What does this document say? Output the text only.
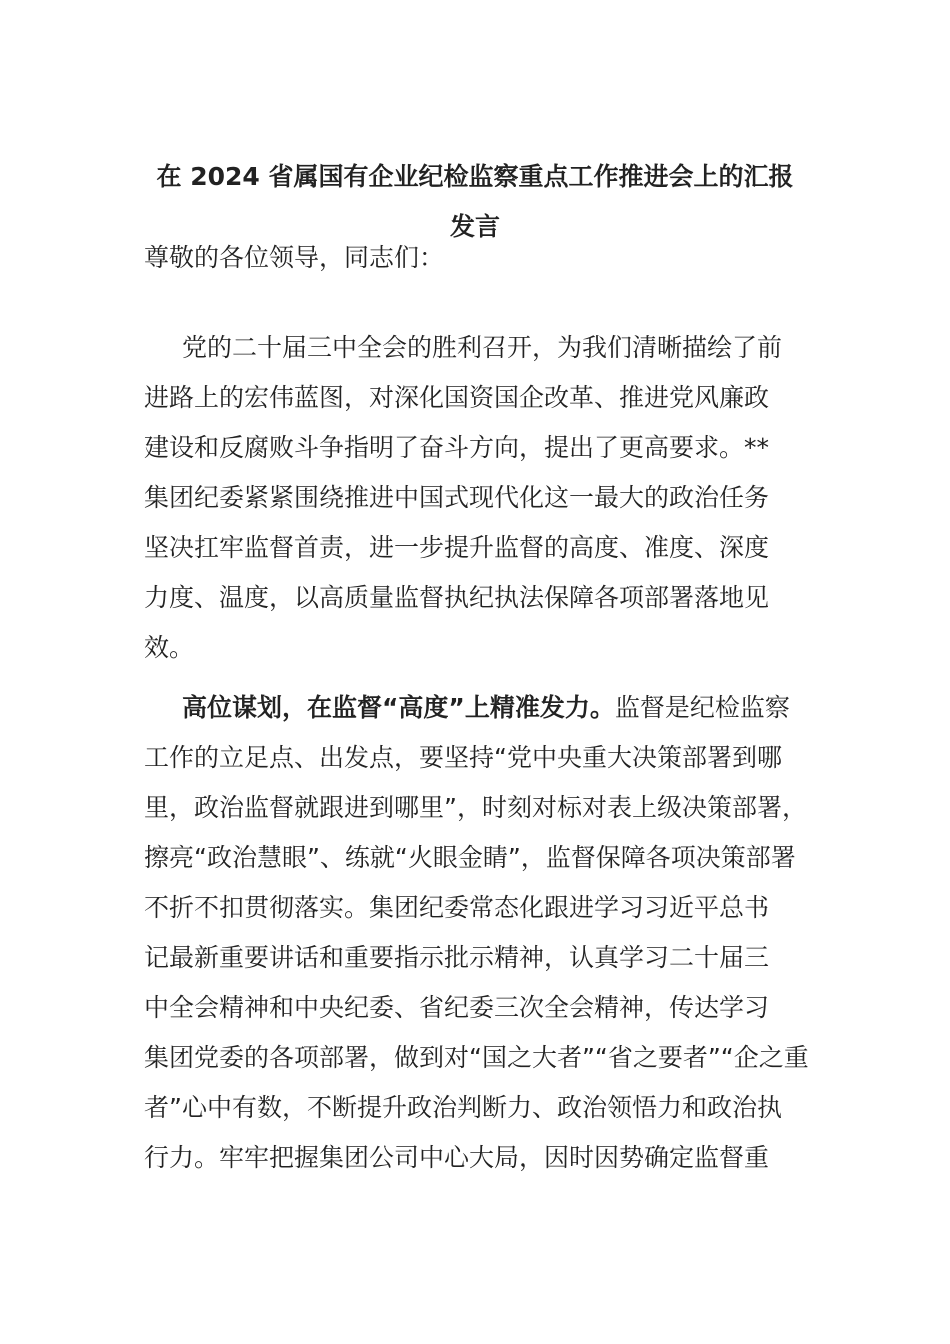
在 2024 省属国有企业纪检监察重点工作推进会上的汇报
发言
尊敬的各位领导，同志们：
党的二十届三中全会的胜利召开，为我们清晰描绘了前
进路上的宏伟蓝图，对深化国资国企改革、推进党风廉政
建设和反腐败斗争指明了奋斗方向，提出了更高要求。**
集团纪委紧紧围绕推进中国式现代化这一最大的政治任务
坚决扛牢监督首责，进一步提升监督的高度、准度、深度
力度、温度，以高质量监督执纪执法保障各项部署落地见
效。
高位谋划，在监督“高度”上精准发力。监督是纪检监察
工作的立足点、出发点，要坚持“党中央重大决策部署到哪
里，政治监督就跟进到哪里”，时刻对标对表上级决策部署，
擦亮“政治慧眼”、练就“火眼金睛”，监督保障各项决策部署
不折不扣贯彻落实。集团纪委常态化跟进学习习近平总书
记最新重要讲话和重要指示批示精神，认真学习二十届三
中全会精神和中央纪委、省纪委三次全会精神，传达学习
集团党委的各项部署，做到对“国之大者”“省之要者”“企之重
者”心中有数，不断提升政治判断力、政治领悟力和政治执
行力。牢牢把握集团公司中心大局，因时因势确定监督重
